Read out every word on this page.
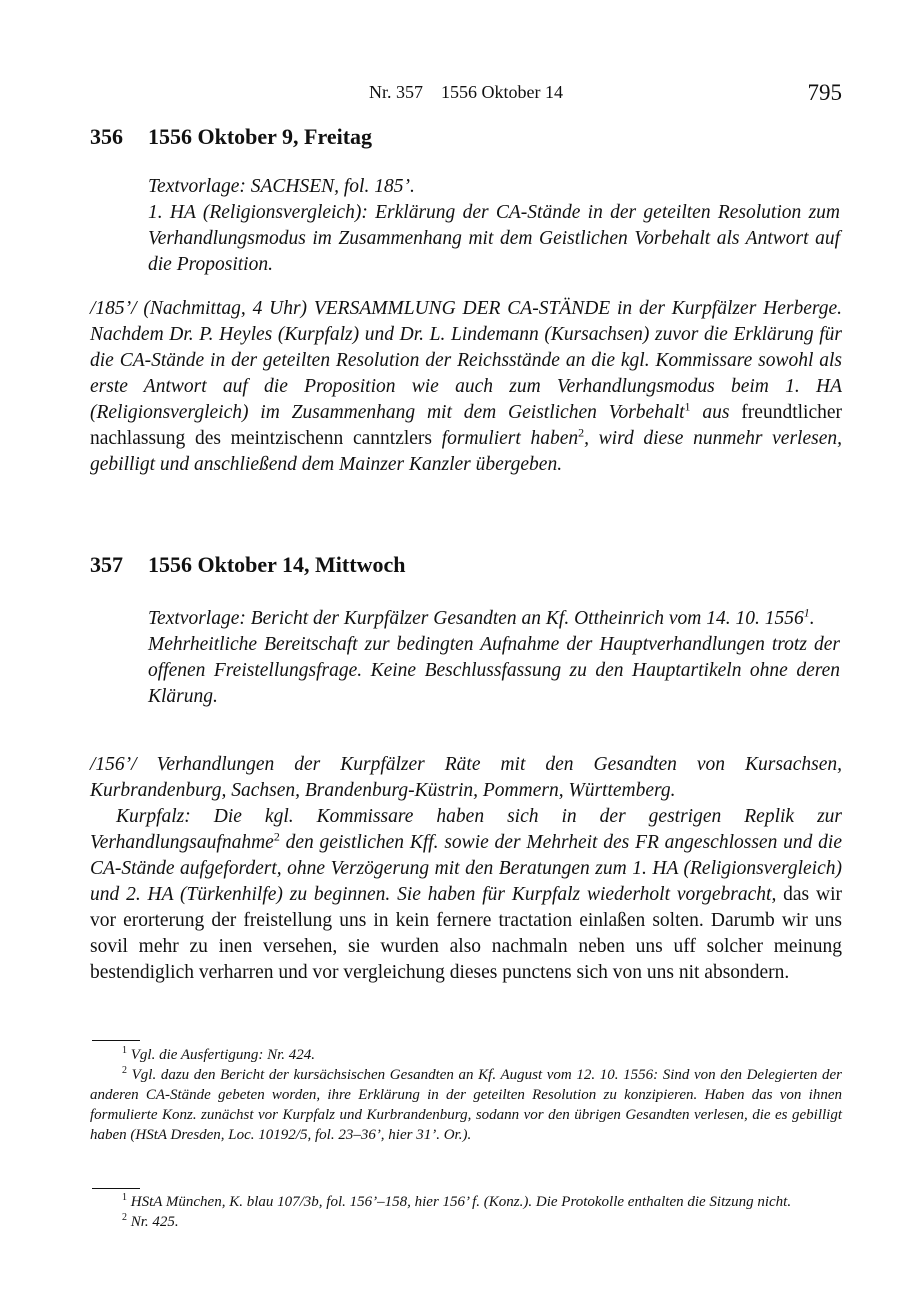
Nr. 357    1556 Oktober 14	795
356 1556 Oktober 9, Freitag

Textvorlage: SACHSEN, fol. 185’.

1. HA (Religionsvergleich): Erklärung der CA-Stände in der geteilten Resolution zum Verhandlungsmodus im Zusammenhang mit dem Geistlichen Vorbehalt als Antwort auf die Proposition.

/185’/ (Nachmittag, 4 Uhr) VERSAMMLUNG DER CA-STÄNDE in der Kurpfälzer Herberge. Nachdem Dr. P. Heyles (Kurpfalz) und Dr. L. Lindemann (Kursachsen) zuvor die Erklärung für die CA-Stände in der geteilten Resolution der Reichsstände an die kgl. Kommissare sowohl als erste Antwort auf die Proposition wie auch zum Verhandlungsmodus beim 1. HA (Religionsvergleich) im Zusammenhang mit dem Geistlichen Vorbehalt$^1$ aus freundtlicher nachlassung des meintzischenn canntzlers formuliert haben$^2$, wird diese nunmehr verlesen, gebilligt und anschließend dem Mainzer Kanzler übergeben.

357 1556 Oktober 14, Mittwoch

Textvorlage: Bericht der Kurpfälzer Gesandten an Kf. Ottheinrich vom 14. 10. 1556$^1$.

Mehrheitliche Bereitschaft zur bedingten Aufnahme der Hauptverhandlungen trotz der offenen Freistellungsfrage. Keine Beschlussfassung zu den Hauptartikeln ohne deren Klärung.

/156’/ Verhandlungen der Kurpfälzer Räte mit den Gesandten von Kursachsen, Kurbrandenburg, Sachsen, Brandenburg-Küstrin, Pommern, Württemberg.

Kurpfalz: Die kgl. Kommissare haben sich in der gestrigen Replik zur Verhandlungsaufnahme$^2$ den geistlichen Kff. sowie der Mehrheit des FR angeschlossen und die CA-Stände aufgefordert, ohne Verzögerung mit den Beratungen zum 1. HA (Religionsvergleich) und 2. HA (Türkenhilfe) zu beginnen. Sie haben für Kurpfalz wiederholt vorgebracht, das wir vor erorterung der freistellung uns in kein fernere tractation einlaßen solten. Darumb wir uns sovil mehr zu inen versehen, sie wurden also nachmaln neben uns uff solcher meinung bestendiglich verharren und vor vergleichung dieses punctens sich von uns nit absondern.

$^1$ Vgl. die Ausfertigung: Nr. 424.

$^2$ Vgl. dazu den Bericht der kursächsischen Gesandten an Kf. August vom 12. 10. 1556: Sind von den Delegierten der anderen CA-Stände gebeten worden, ihre Erklärung in der geteilten Resolution zu konzipieren. Haben das von ihnen formulierte Konz. zunächst vor Kurpfalz und Kurbrandenburg, sodann vor den übrigen Gesandten verlesen, die es gebilligt haben (HStA Dresden, Loc. 10192/5, fol. 23–36’, hier 31’. Or.).

$^1$ HStA München, K. blau 107/3b, fol. 156’–158, hier 156’ f. (Konz.). Die Protokolle enthalten die Sitzung nicht.

$^2$ Nr. 425.
